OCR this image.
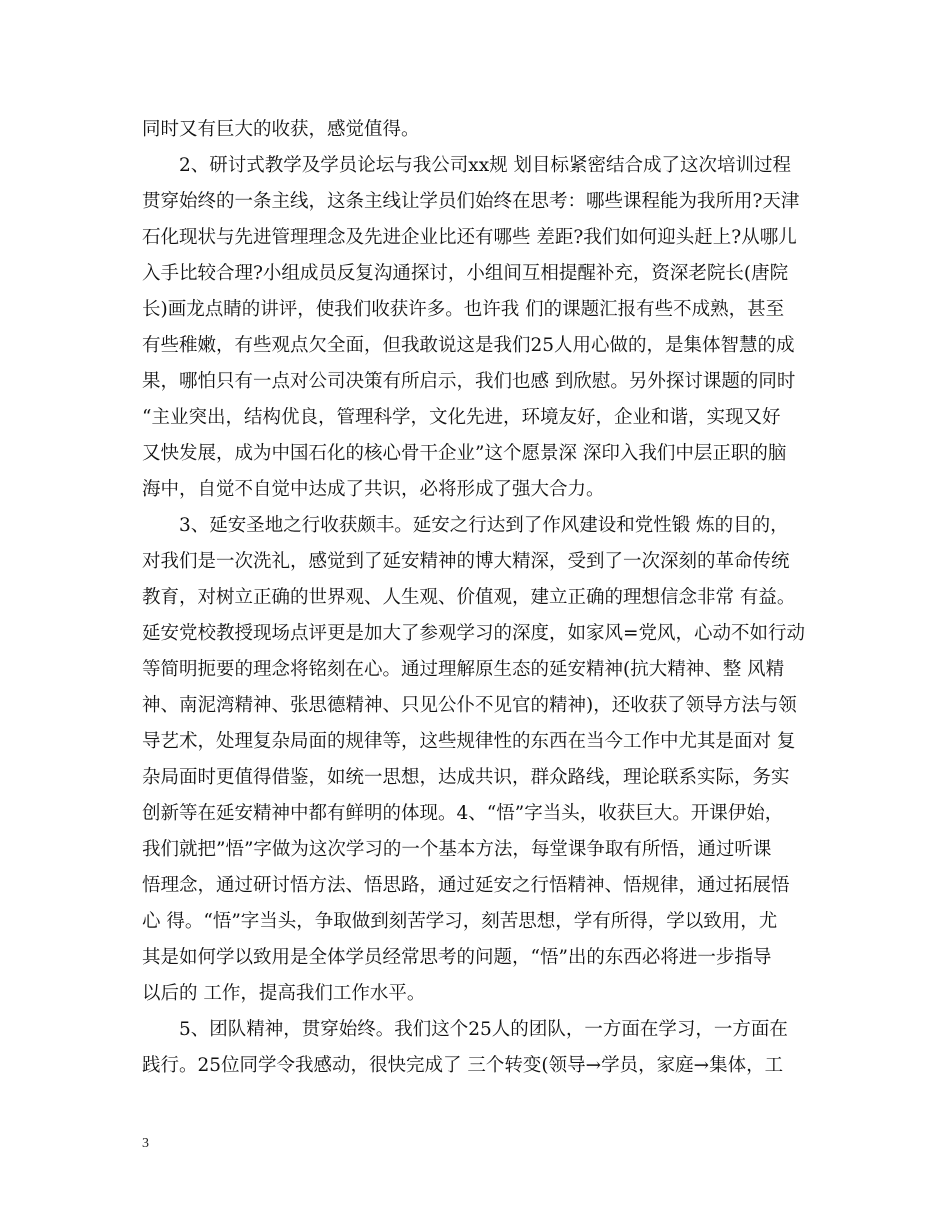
同时又有巨大的收获，感觉值得。

　　2、研讨式教学及学员论坛与我公司xx规 划目标紧密结合成了这次培训过程

贯穿始终的一条主线，这条主线让学员们始终在思考：哪些课程能为我所用?天津

石化现状与先进管理理念及先进企业比还有哪些 差距?我们如何迎头赶上?从哪儿

入手比较合理?小组成员反复沟通探讨，小组间互相提醒补充，资深老院长(唐院

长)画龙点睛的讲评，使我们收获许多。也许我 们的课题汇报有些不成熟，甚至

有些稚嫩，有些观点欠全面，但我敢说这是我们25人用心做的，是集体智慧的成

果，哪怕只有一点对公司决策有所启示，我们也感 到欣慰。另外探讨课题的同时

“主业突出，结构优良，管理科学，文化先进，环境友好，企业和谐，实现又好

又快发展，成为中国石化的核心骨干企业”这个愿景深 深印入我们中层正职的脑

海中，自觉不自觉中达成了共识，必将形成了强大合力。

　　3、延安圣地之行收获颇丰。延安之行达到了作风建设和党性锻 炼的目的，

对我们是一次洗礼，感觉到了延安精神的博大精深，受到了一次深刻的革命传统

教育，对树立正确的世界观、人生观、价值观，建立正确的理想信念非常 有益。

延安党校教授现场点评更是加大了参观学习的深度，如家风=党风，心动不如行动

等简明扼要的理念将铭刻在心。通过理解原生态的延安精神(抗大精神、整 风精

神、南泥湾精神、张思德精神、只见公仆不见官的精神)，还收获了领导方法与领

导艺术，处理复杂局面的规律等，这些规律性的东西在当今工作中尤其是面对 复

杂局面时更值得借鉴，如统一思想，达成共识，群众路线，理论联系实际，务实

创新等在延安精神中都有鲜明的体现。4、“悟”字当头，收获巨大。开课伊始，

我们就把”悟”字做为这次学习的一个基本方法，每堂课争取有所悟，通过听课

悟理念，通过研讨悟方法、悟思路，通过延安之行悟精神、悟规律，通过拓展悟

心 得。“悟”字当头，争取做到刻苦学习，刻苦思想，学有所得，学以致用，尤

其是如何学以致用是全体学员经常思考的问题，“悟”出的东西必将进一步指导

以后的 工作，提高我们工作水平。

　　5、团队精神，贯穿始终。我们这个25人的团队，一方面在学习，一方面在

践行。25位同学令我感动，很快完成了 三个转变(领导→学员，家庭→集体，工

3
